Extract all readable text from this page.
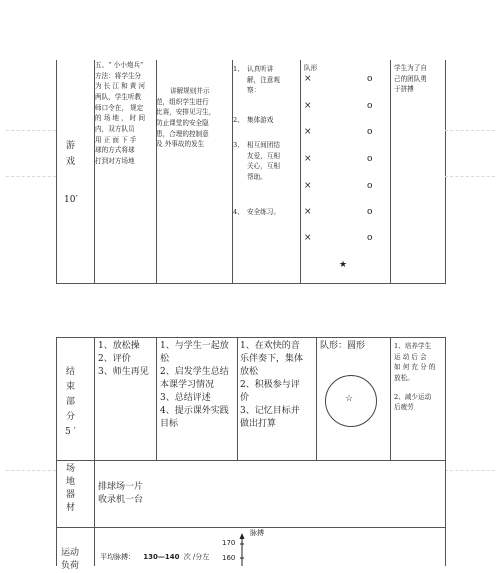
游
戏
10′
五、“ 小小炮兵”
方法：将学生分
为 长 江 和 黄 河
两队，学生听教
师口令在， 规定
的 场 地 ， 时 间
内，双方队员
用 正 面 下 手
球的方式将球
打到对方场地
讲解规则并示
范，组织学生进行
比赛，安排见习生，
防止课堂的安全隐
患，合理的控制意
及 外事故的发生
1、 认真听讲
解，注意观
察：
2、 集体游戏
3、 相互间团结
友爱，互相
关心，互相
帮助。
4、 安全练习。
队形
×
×
×
×
×
×
×
o
o
o
o
o
o
o
★
学生为了自
己的团队勇
于拼搏
结
束
部
分
5 ′
1、放松操
2、评价
3、师生再见
1、与学生一起放
松
2、启发学生总结
本课学习情况
3、总结评述
4、提示课外实践
目标
1、在欢快的音
乐伴奏下，集体
放松
2、积极参与评
价
3、记忆目标并
做出打算
队形：圆形
☆
1、培养学生
运 动 后 会
如 何 充 分 的
放松。
2、减少运动
后疲劳
场
地
器
材
排球场一片
收录机一台
运动
负荷
平均脉搏： 130—140 次 /分左
脉搏
170
160
